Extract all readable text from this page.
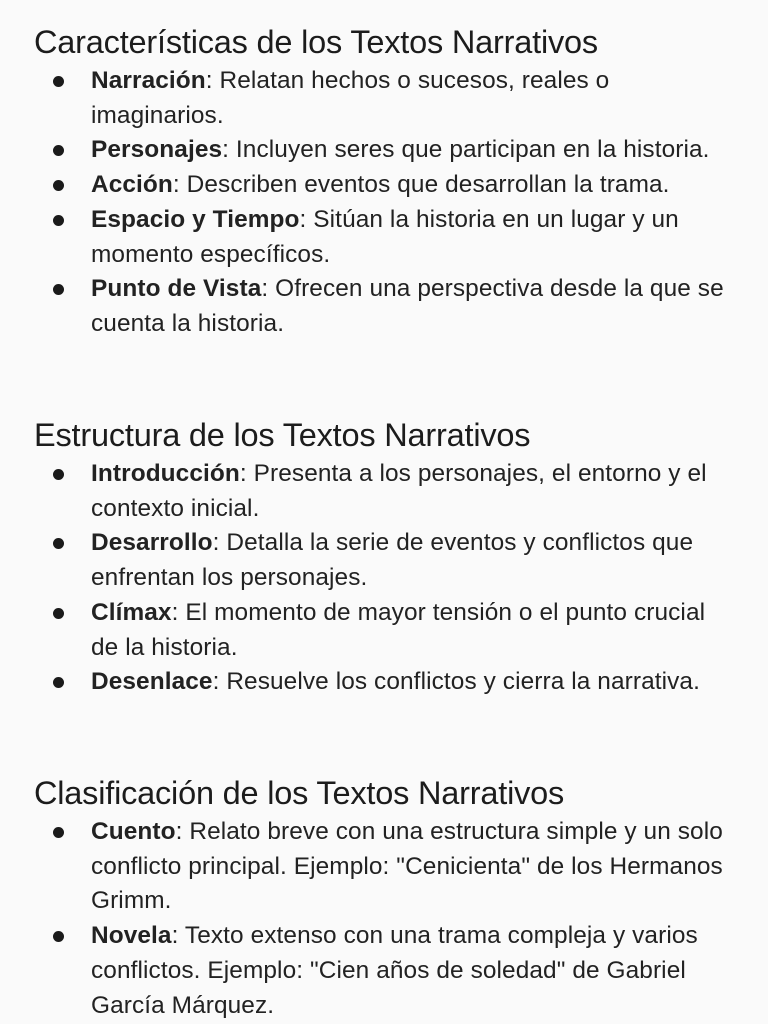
Características de los Textos Narrativos
Narración: Relatan hechos o sucesos, reales o imaginarios.
Personajes: Incluyen seres que participan en la historia.
Acción: Describen eventos que desarrollan la trama.
Espacio y Tiempo: Sitúan la historia en un lugar y un momento específicos.
Punto de Vista: Ofrecen una perspectiva desde la que se cuenta la historia.
Estructura de los Textos Narrativos
Introducción: Presenta a los personajes, el entorno y el contexto inicial.
Desarrollo: Detalla la serie de eventos y conflictos que enfrentan los personajes.
Clímax: El momento de mayor tensión o el punto crucial de la historia.
Desenlace: Resuelve los conflictos y cierra la narrativa.
Clasificación de los Textos Narrativos
Cuento: Relato breve con una estructura simple y un solo conflicto principal. Ejemplo: "Cenicienta" de los Hermanos Grimm.
Novela: Texto extenso con una trama compleja y varios conflictos. Ejemplo: "Cien años de soledad" de Gabriel García Márquez.
